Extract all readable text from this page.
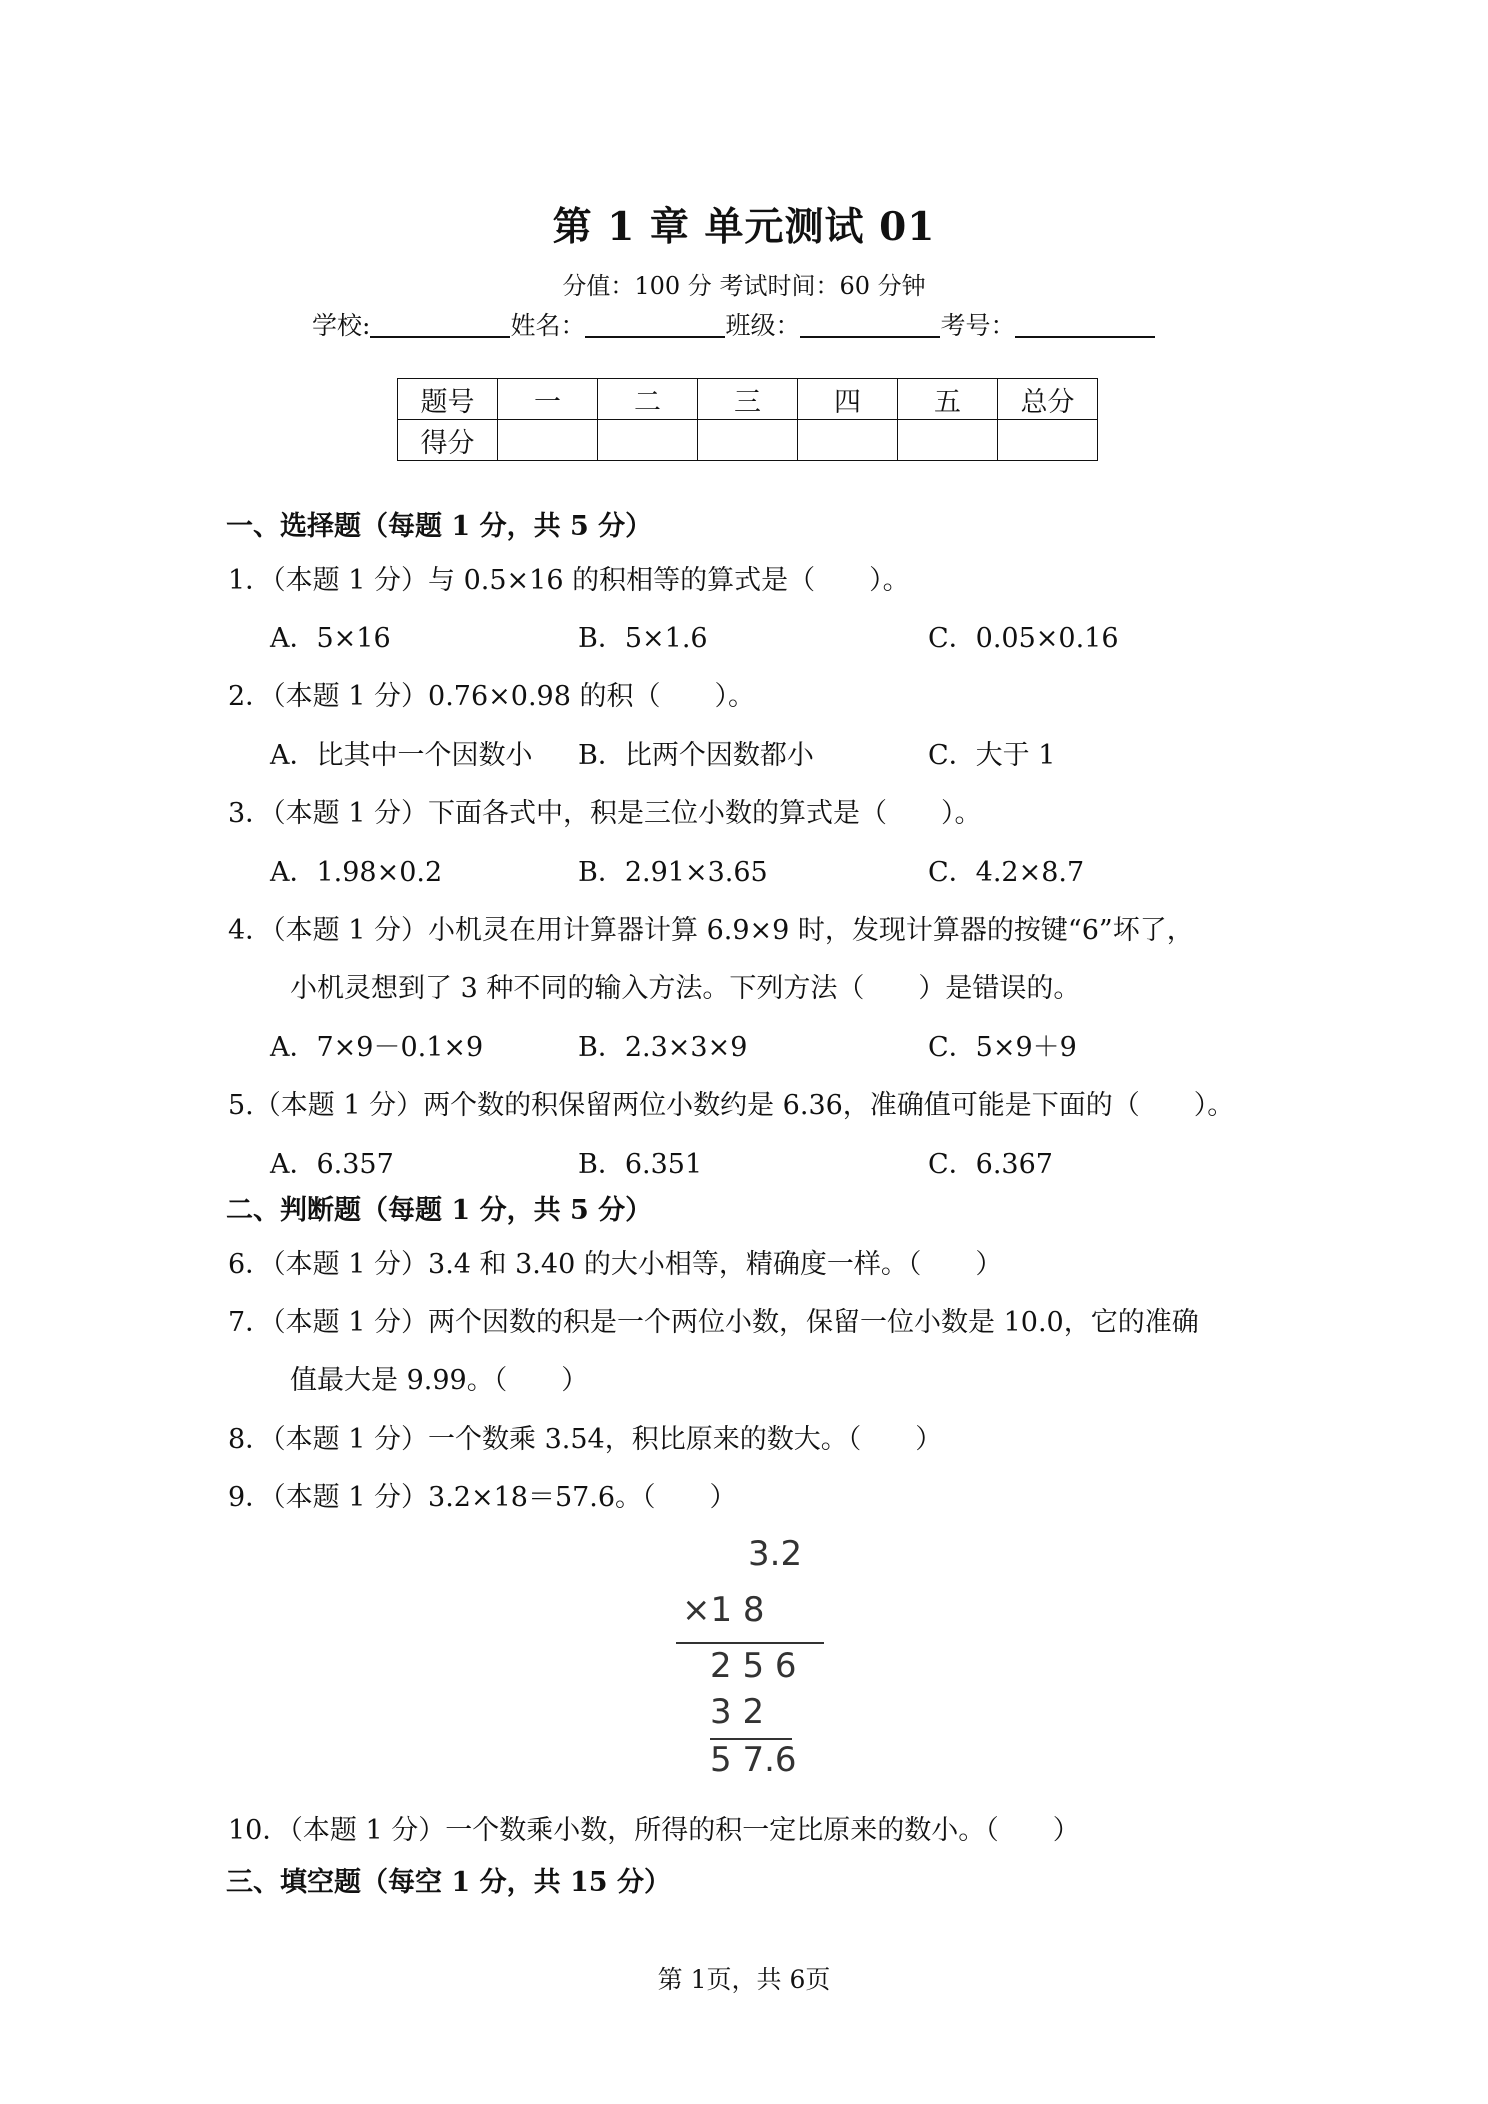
第 1 章 单元测试 01
分值：100 分 考试时间：60 分钟
学校:	姓名：	班级：	考号：
题号	一	二	三	四	五	总分
得分						
一、选择题（每题 1 分，共 5 分）
1．（本题 1 分）与 0.5×16 的积相等的算式是（　　）。
A．5×16	B．5×1.6	C．0.05×0.16
2．（本题 1 分）0.76×0.98 的积（　　）。
A．比其中一个因数小 B．比两个因数都小	C．大于 1
3．（本题 1 分）下面各式中，积是三位小数的算式是（　　）。
A．1.98×0.2	B．2.91×3.65	C．4.2×8.7
4．（本题 1 分）小机灵在用计算器计算 6.9×9 时，发现计算器的按键“6”坏了，
小机灵想到了 3 种不同的输入方法。下列方法（　　）是错误的。
A．7×9－0.1×9	B．2.3×3×9	C．5×9＋9
5.（本题 1 分）两个数的积保留两位小数约是 6.36，准确值可能是下面的（　　）。
A．6.357	B．6.351	C．6.367
二、判断题（每题 1 分，共 5 分）
6．（本题 1 分）3.4 和 3.40 的大小相等，精确度一样。（　　）
7．（本题 1 分）两个因数的积是一个两位小数，保留一位小数是 10.0，它的准确
值最大是 9.99。（　　）
8．（本题 1 分）一个数乘 3.54，积比原来的数大。（　　）
9．（本题 1 分）3.2×18＝57.6。（　　）
3.2
×1 8
2 5 6
3 2
5 7.6
10．（本题 1 分）一个数乘小数，所得的积一定比原来的数小。（　　）
三、填空题（每空 1 分，共 15 分）
第 1页，共 6页
